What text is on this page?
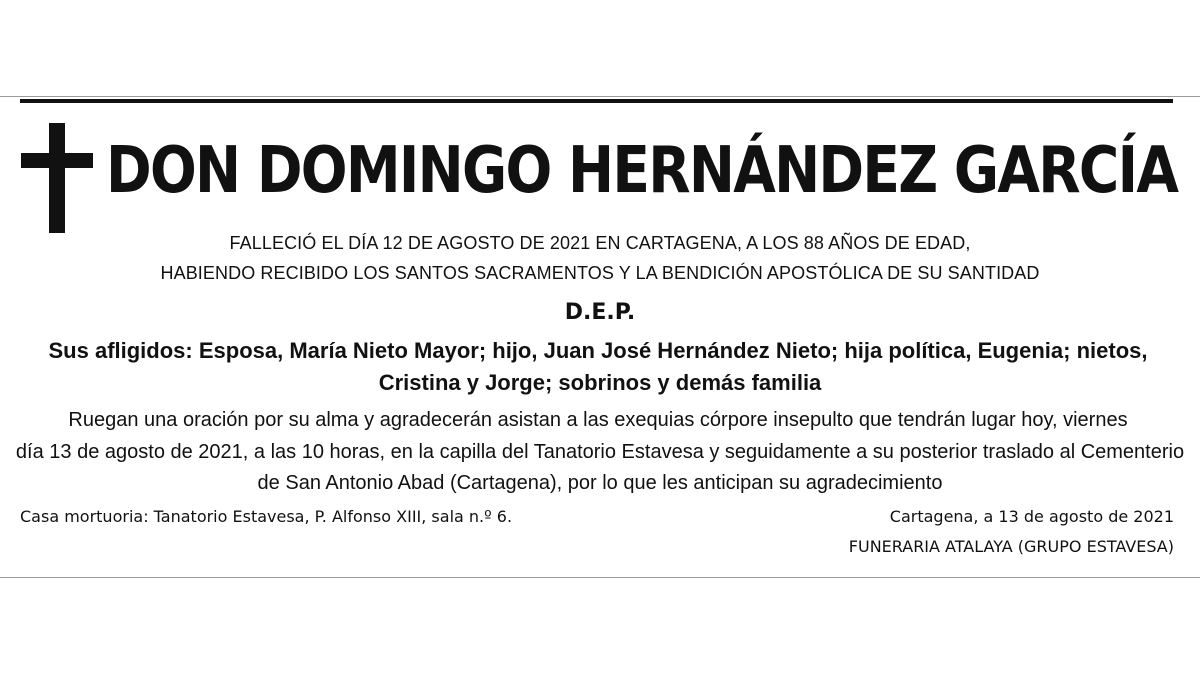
DON DOMINGO HERNÁNDEZ GARCÍA
FALLECIÓ EL DÍA 12 DE AGOSTO DE 2021 EN CARTAGENA, A LOS 88 AÑOS DE EDAD,
HABIENDO RECIBIDO LOS SANTOS SACRAMENTOS Y LA BENDICIÓN APOSTÓLICA DE SU SANTIDAD
D.E.P.
Sus afligidos: Esposa, María Nieto Mayor; hijo, Juan José Hernández Nieto; hija política, Eugenia; nietos,
Cristina y Jorge; sobrinos y demás familia
Ruegan una oración por su alma y agradecerán asistan a las exequias córpore insepulto que tendrán lugar hoy, viernes
día 13 de agosto de 2021, a las 10 horas, en la capilla del Tanatorio Estavesa y seguidamente a su posterior traslado al Cementerio
de San Antonio Abad (Cartagena), por lo que les anticipan su agradecimiento
Casa mortuoria: Tanatorio Estavesa, P. Alfonso XIII, sala n.º 6.	Cartagena, a 13 de agosto de 2021
FUNERARIA ATALAYA (GRUPO ESTAVESA)
